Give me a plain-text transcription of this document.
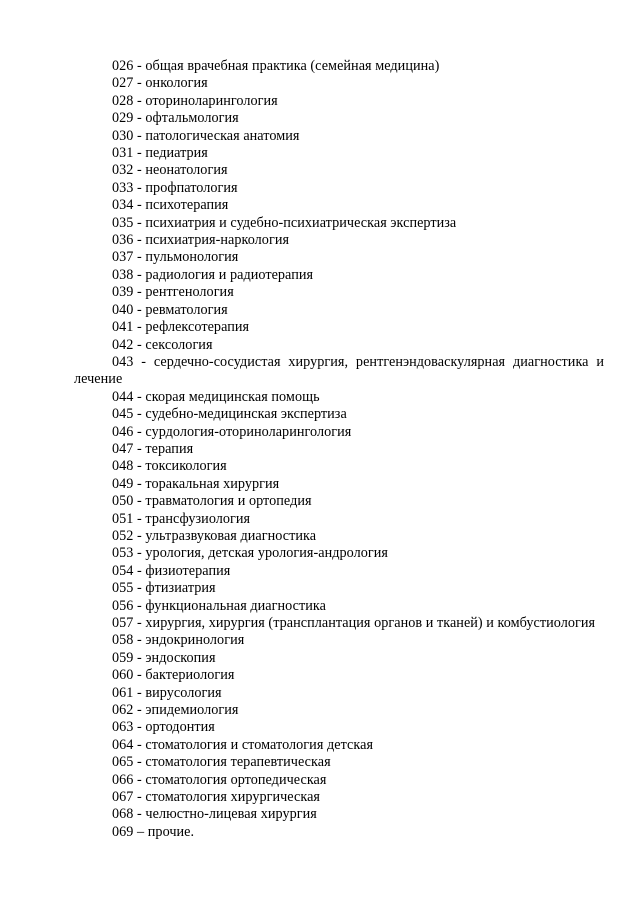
026 - общая врачебная практика (семейная медицина)
027 - онкология
028 - оториноларингология
029 - офтальмология
030 - патологическая анатомия
031 - педиатрия
032 - неонатология
033 - профпатология
034 - психотерапия
035 - психиатрия и судебно-психиатрическая экспертиза
036 - психиатрия-наркология
037 - пульмонология
038 - радиология и радиотерапия
039 - рентгенология
040 - ревматология
041 - рефлексотерапия
042 - сексология
043 - сердечно-сосудистая хирургия, рентгенэндоваскулярная диагностика и лечение
044 - скорая медицинская помощь
045 - судебно-медицинская экспертиза
046 - сурдология-оториноларингология
047 - терапия
048 - токсикология
049 - торакальная хирургия
050 - травматология и ортопедия
051 - трансфузиология
052 - ультразвуковая диагностика
053 - урология, детская урология-андрология
054 - физиотерапия
055 - фтизиатрия
056 - функциональная диагностика
057 - хирургия, хирургия (трансплантация органов и тканей) и комбустиология
058 - эндокринология
059 - эндоскопия
060 - бактериология
061 - вирусология
062 - эпидемиология
063 - ортодонтия
064 - стоматология и стоматология детская
065 - стоматология терапевтическая
066 - стоматология ортопедическая
067 - стоматология хирургическая
068 - челюстно-лицевая хирургия
069 – прочие.
